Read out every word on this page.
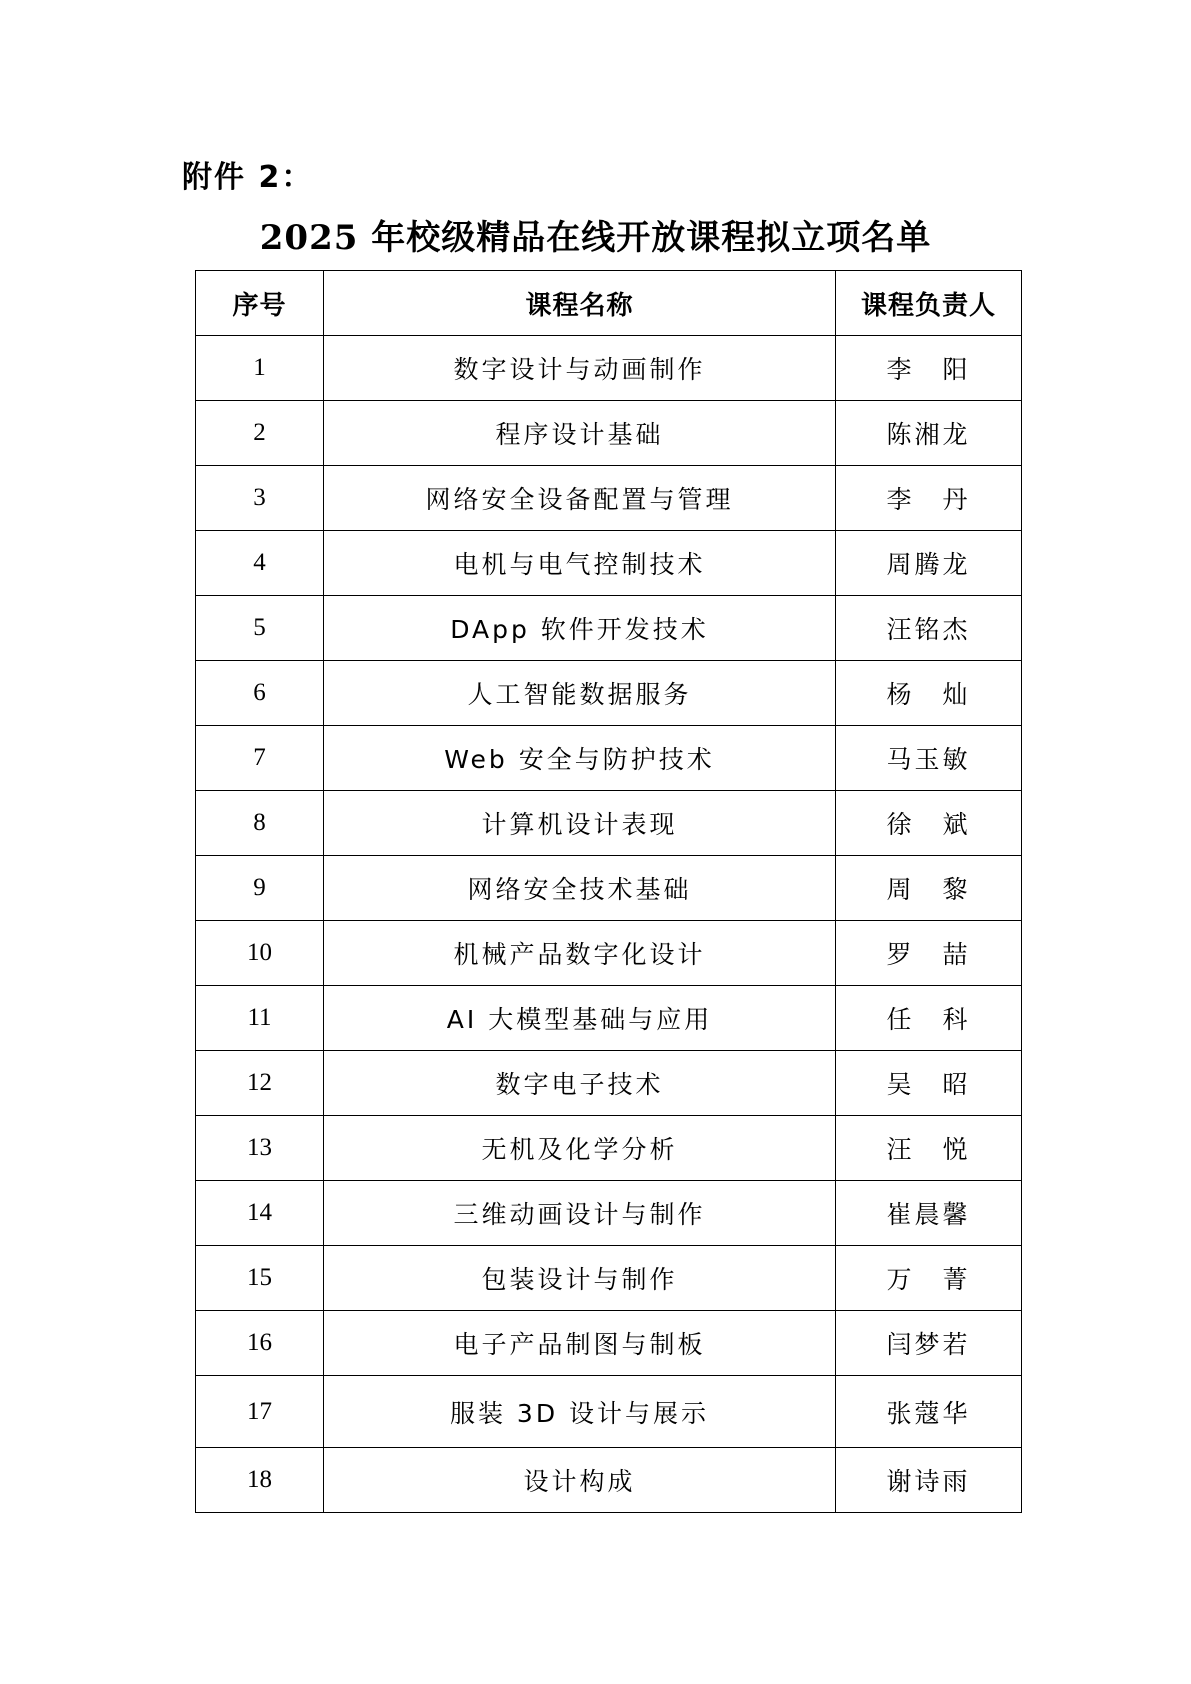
附件 2：
2025 年校级精品在线开放课程拟立项名单
序号	课程名称	课程负责人
1	数字设计与动画制作	李　阳
2	程序设计基础	陈湘龙
3	网络安全设备配置与管理	李　丹
4	电机与电气控制技术	周腾龙
5	DApp 软件开发技术	汪铭杰
6	人工智能数据服务	杨　灿
7	Web 安全与防护技术	马玉敏
8	计算机设计表现	徐　斌
9	网络安全技术基础	周　黎
10	机械产品数字化设计	罗　喆
11	AI 大模型基础与应用	任　科
12	数字电子技术	吴　昭
13	无机及化学分析	汪　悦
14	三维动画设计与制作	崔晨馨
15	包装设计与制作	万　菁
16	电子产品制图与制板	闫梦若
17	服装 3D 设计与展示	张蔻华
18	设计构成	谢诗雨
